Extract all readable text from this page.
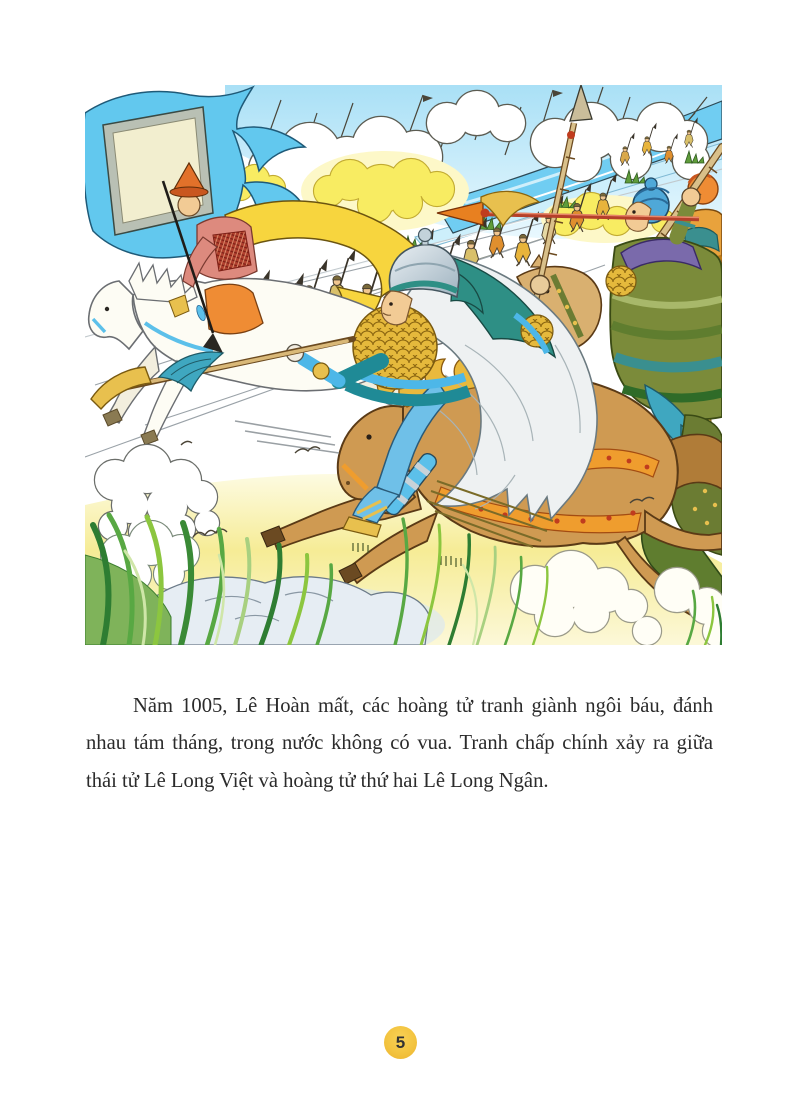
Năm 1005, Lê Hoàn mất, các hoàng tử tranh giành ngôi báu, đánh nhau tám tháng, trong nước không có vua. Tranh chấp chính xảy ra giữa thái tử Lê Long Việt và hoàng tử thứ hai Lê Long Ngân.

5
